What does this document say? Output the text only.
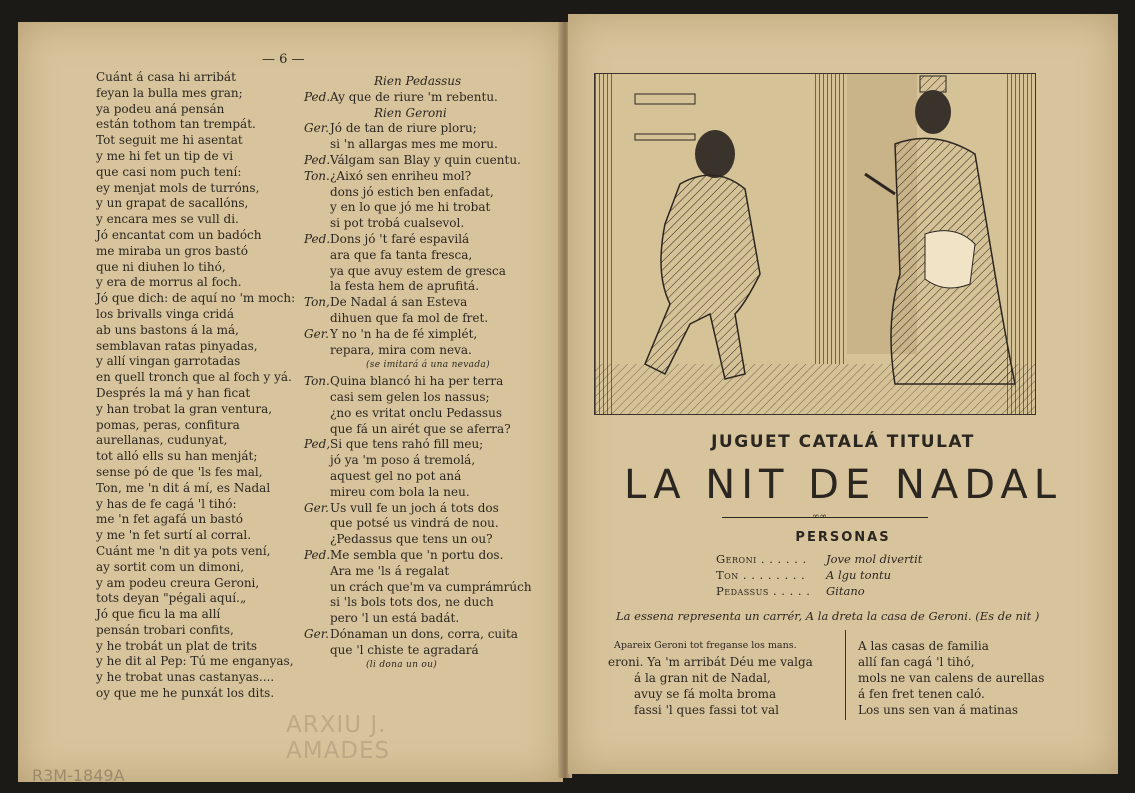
— 6 —
Cuánt á casa hi arribát
feyan la bulla mes gran;
ya podeu aná pensán
están tothom tan trempát.
Tot seguit me hi asentat
y me hi fet un tip de vi
que casi nom puch tení:
ey menjat mols de turróns,
y un grapat de sacallóns,
y encara mes se vull di.
Jó encantat com un badóch
me miraba un gros bastó
que ni diuhen lo tihó,
y era de morrus al foch.
Jó que dich: de aquí no 'm moch:
los brivalls vinga cridá
ab uns bastons á la má,
semblavan ratas pinyadas,
y allí vingan garrotadas
en quell tronch que al foch y yá.
Després la má y han ficat
y han trobat la gran ventura,
pomas, peras, confitura
aurellanas, cudunyat,
tot alló ells su han menját;
sense pó de que 'ls fes mal,
Ton, me 'n dit á mí, es Nadal
y has de fe cagá 'l tihó:
me 'n fet agafá un bastó
y me 'n fet surtí al corral.
Cuánt me 'n dit ya pots vení,
ay sortit com un dimoni,
y am podeu creura Geroni,
tots deyan "pégali aquí.„
Jó que ficu la ma allí
pensán trobari confits,
y he trobát un plat de trits
y he dit al Pep: Tú me enganyas,
y he trobat unas castanyas....
oy que me he punxát los dits.
Rien Pedassus
Ped.Ay que de riure 'm rebentu.
Rien Geroni
Ger.Jó de tan de riure ploru;
si 'n allargas mes me moru.
Ped.Válgam san Blay y quin cuentu.
Ton.¿Aixó sen enriheu mol?
dons jó estich ben enfadat,
y en lo que jó me hi trobat
si pot trobá cualsevol.
Ped.Dons jó 't faré espavilá
ara que fa tanta fresca,
ya que avuy estem de gresca
la festa hem de aprufitá.
Ton,De Nadal á san Esteva
dihuen que fa mol de fret.
Ger.Y no 'n ha de fé ximplét,
repara, mira com neva.
(se imitará á una nevada)
Ton.Quina blancó hi ha per terra
casi sem gelen los nassus;
¿no es vritat onclu Pedassus
que fá un airét que se aferra?
Ped,Si que tens rahó fill meu;
jó ya 'm poso á tremolá,
aquest gel no pot aná
mireu com bola la neu.
Ger.Us vull fe un joch á tots dos
que potsé us vindrá de nou.
¿Pedassus que tens un ou?
Ped.Me sembla que 'n portu dos.
Ara me 'ls á regalat
un crách que'm va cumprámrúch
si 'ls bols tots dos, ne duch
pero 'l un está badát.
Ger.Dónaman un dons, corra, cuita
que 'l chiste te agradará
(li dona un ou)
ARXIU J.
AMADES
R3M-1849A
JUGUET CATALÁ TITULAT
LA NIT DE NADAL
∞∞
PERSONAS
Geroni . . . . . . Jove mol divertit
Ton . . . . . . . . A lgu tontu
Pedassus . . . . . Gitano
La essena representa un carrér, A la dreta la casa de Geroni. (Es de nit )
Apareix Geroni tot freganse los mans.
eroni. Ya 'm arribát Déu me valga
á la gran nit de Nadal,
avuy se fá molta broma
fassi 'l ques fassi tot val
A las casas de familia
allí fan cagá 'l tihó,
mols ne van calens de aurellas
á fen fret tenen caló.
Los uns sen van á matinas
